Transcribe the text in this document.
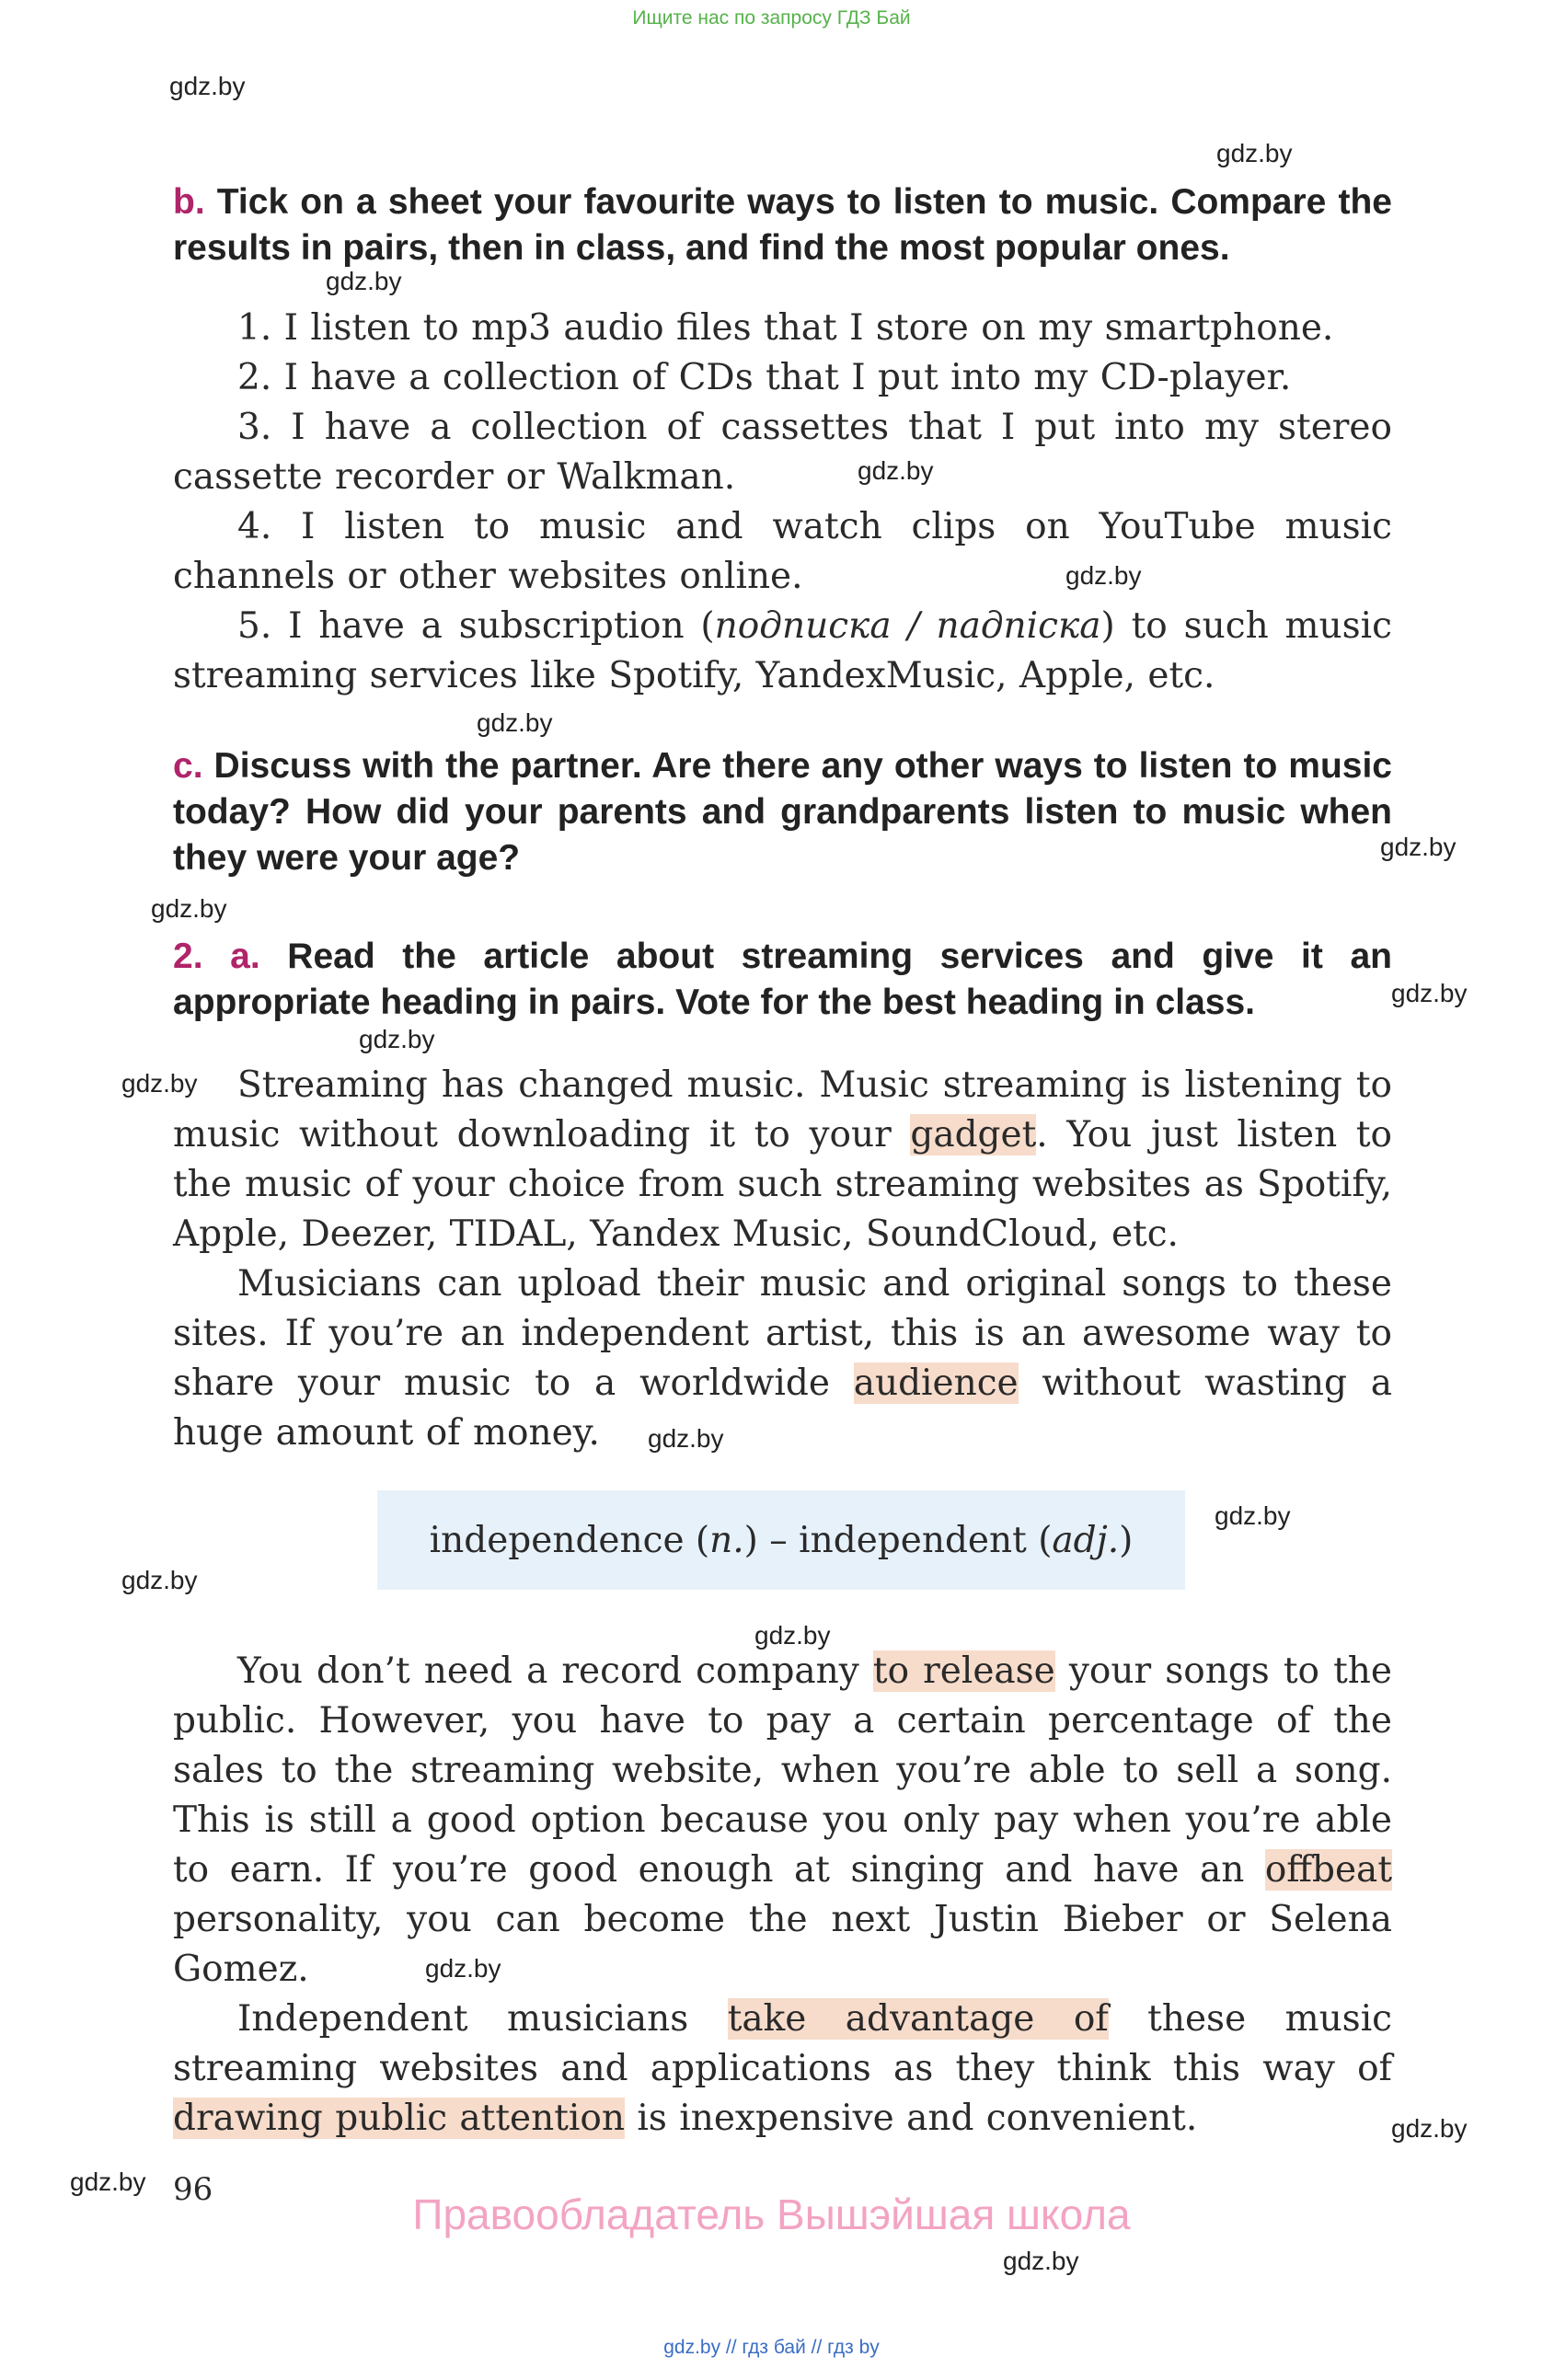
Ищите нас по запросу ГДЗ Бай
gdz.by
gdz.by
gdz.by
gdz.by
gdz.by
gdz.by
gdz.by
gdz.by
gdz.by
gdz.by
gdz.by
gdz.by
gdz.by
gdz.by
gdz.by
gdz.by
gdz.by
gdz.by
gdz.by
b. Tick on a sheet your favourite ways to listen to music. Compare the results in pairs, then in class, and find the most popular ones.

1. I listen to mp3 audio files that I store on my smartphone.

2. I have a collection of CDs that I put into my CD-player.

3. I have a collection of cassettes that I put into my stereo cassette recorder or Walkman.

4. I listen to music and watch clips on YouTube music channels or other websites online.

5. I have a subscription (подписка / падпіска) to such music streaming services like Spotify, YandexMusic, Apple, etc.

c. Discuss with the partner. Are there any other ways to listen to music today? How did your parents and grandparents listen to music when they were your age?
2. a. Read the article about streaming services and give it an appropriate heading in pairs. Vote for the best heading in class.

Streaming has changed music. Music streaming is listening to music without downloading it to your gadget. You just listen to the music of your choice from such streaming websites as Spotify, Apple, Deezer, TIDAL, Yandex Music, SoundCloud, etc.

Musicians can upload their music and original songs to these sites. If you’re an independent artist, this is an awesome way to share your music to a worldwide audience without wasting a huge amount of money.

independence ( n. ) – independent ( adj. )

You don’t need a record company to release your songs to the public. However, you have to pay a certain percentage of the sales to the streaming website, when you’re able to sell a song. This is still a good option because you only pay when you’re able to earn. If you’re good enough at singing and have an offbeat personality, you can become the next Justin Bieber or Selena Gomez.

Independent musicians take advantage of these music streaming websites and applications as they think this way of drawing public attention is inexpensive and convenient.

96
Правообладатель Вышэйшая школа
gdz.by // гдз бай // гдз by
